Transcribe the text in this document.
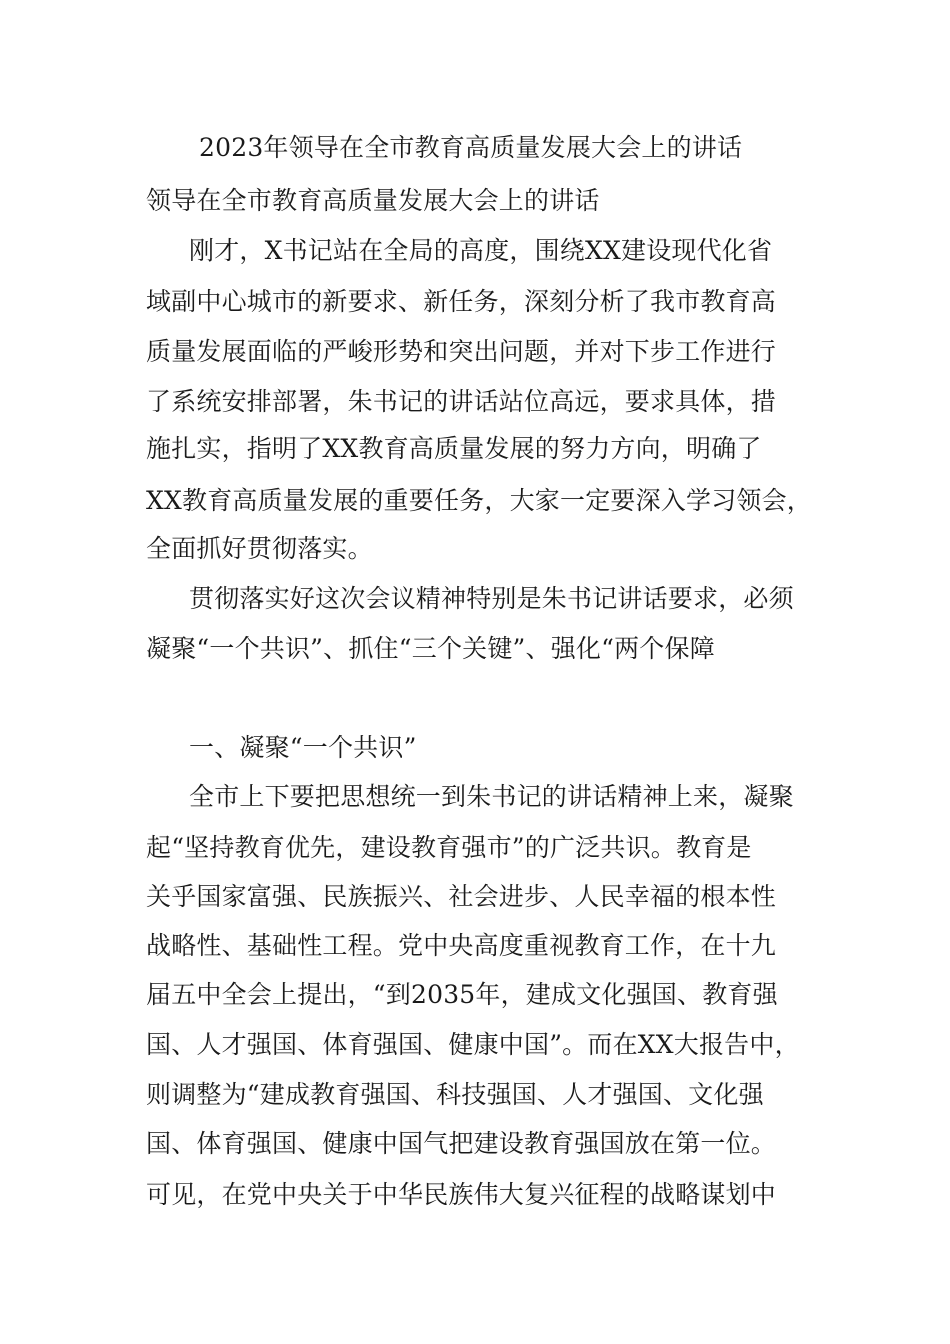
2023年领导在全市教育高质量发展大会上的讲话
领导在全市教育高质量发展大会上的讲话
刚才，X书记站在全局的高度，围绕XX建设现代化省
域副中心城市的新要求、新任务，深刻分析了我市教育高
质量发展面临的严峻形势和突出问题，并对下步工作进行
了系统安排部署，朱书记的讲话站位高远，要求具体，措
施扎实，指明了XX教育高质量发展的努力方向，明确了
XX教育高质量发展的重要任务，大家一定要深入学习领会，
全面抓好贯彻落实。
贯彻落实好这次会议精神特别是朱书记讲话要求，必须
凝聚“一个共识”、抓住“三个关键”、强化“两个保障
一、凝聚“一个共识”
全市上下要把思想统一到朱书记的讲话精神上来，凝聚
起“坚持教育优先，建设教育强市”的广泛共识。教育是
关乎国家富强、民族振兴、社会进步、人民幸福的根本性
战略性、基础性工程。党中央高度重视教育工作，在十九
届五中全会上提出，“到2035年，建成文化强国、教育强
国、人才强国、体育强国、健康中国”。而在XX大报告中，
则调整为“建成教育强国、科技强国、人才强国、文化强
国、体育强国、健康中国气把建设教育强国放在第一位。
可见，在党中央关于中华民族伟大复兴征程的战略谋划中
